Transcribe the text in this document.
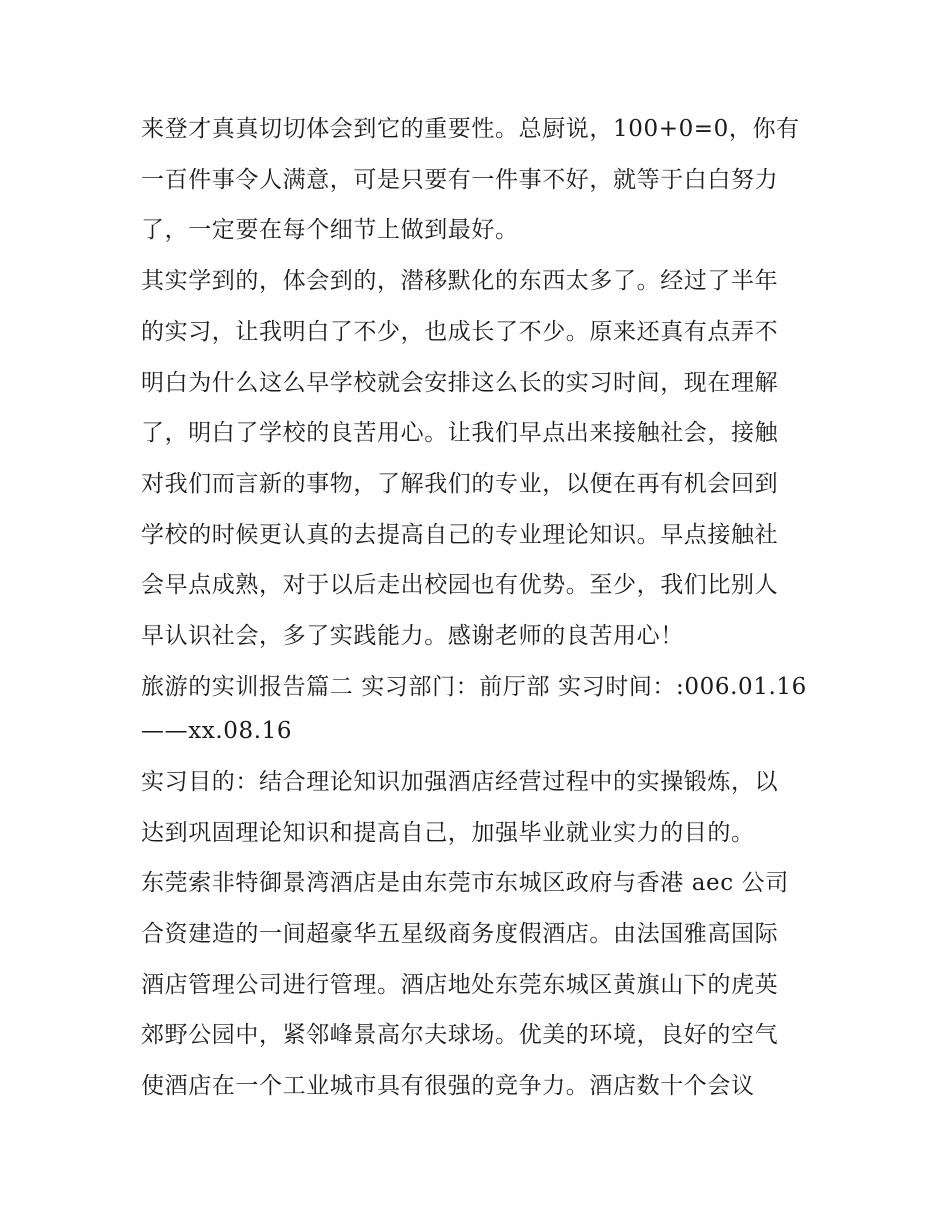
来登才真真切切体会到它的重要性。总厨说，100+0=0，你有
一百件事令人满意，可是只要有一件事不好，就等于白白努力
了，一定要在每个细节上做到最好。
其实学到的，体会到的，潜移默化的东西太多了。经过了半年
的实习，让我明白了不少，也成长了不少。原来还真有点弄不
明白为什么这么早学校就会安排这么长的实习时间，现在理解
了，明白了学校的良苦用心。让我们早点出来接触社会，接触
对我们而言新的事物，了解我们的专业，以便在再有机会回到
学校的时候更认真的去提高自己的专业理论知识。早点接触社
会早点成熟，对于以后走出校园也有优势。至少，我们比别人
早认识社会，多了实践能力。感谢老师的良苦用心！
旅游的实训报告篇二 实习部门：前厅部 实习时间：:006.01.16
——xx.08.16
实习目的：结合理论知识加强酒店经营过程中的实操锻炼，以
达到巩固理论知识和提高自己，加强毕业就业实力的目的。
东莞索非特御景湾酒店是由东莞市东城区政府与香港 aec 公司
合资建造的一间超豪华五星级商务度假酒店。由法国雅高国际
酒店管理公司进行管理。酒店地处东莞东城区黄旗山下的虎英
郊野公园中，紧邻峰景高尔夫球场。优美的环境，良好的空气
使酒店在一个工业城市具有很强的竞争力。酒店数十个会议
